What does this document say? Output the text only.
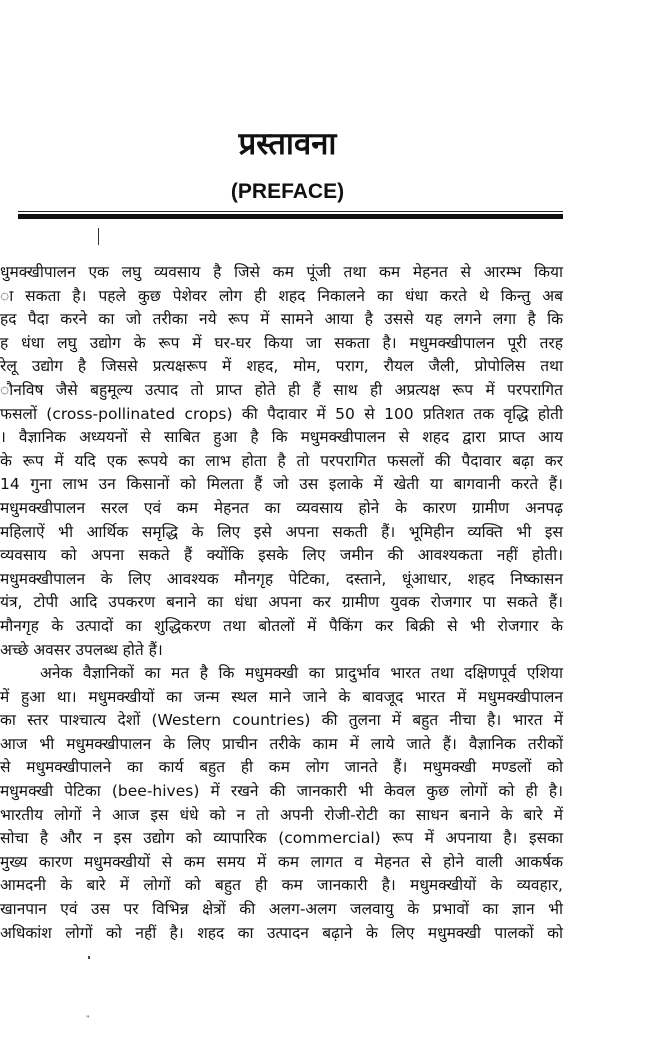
प्रस्तावना
(PREFACE)
धुमक्खीपालन एक लघु व्यवसाय है जिसे कम पूंजी तथा कम मेहनत से आरम्भ किया
ा सकता है। पहले कुछ पेशेवर लोग ही शहद निकालने का धंधा करते थे किन्तु अब
हद पैदा करने का जो तरीका नये रूप में सामने आया है उससे यह लगने लगा है कि
ह धंधा लघु उद्योग के रूप में घर-घर किया जा सकता है। मधुमक्खीपालन पूरी तरह
रेलू उद्योग है जिससे प्रत्यक्षरूप में शहद, मोम, पराग, रौयल जैली, प्रोपोलिस तथा
ौनविष जैसे बहुमूल्य उत्पाद तो प्राप्त होते ही हैं साथ ही अप्रत्यक्ष रूप में परपरागित
फसलों (cross-pollinated crops) की पैदावार में 50 से 100 प्रतिशत तक वृद्धि होती
। वैज्ञानिक अध्ययनों से साबित हुआ है कि मधुमक्खीपालन से शहद द्वारा प्राप्त आय
के रूप में यदि एक रूपये का लाभ होता है तो परपरागित फसलों की पैदावार बढ़ा कर
14 गुना लाभ उन किसानों को मिलता हैं जो उस इलाके में खेती या बागवानी करते हैं।
मधुमक्खीपालन सरल एवं कम मेहनत का व्यवसाय होने के कारण ग्रामीण अनपढ़
महिलाऐं भी आर्थिक समृद्धि के लिए इसे अपना सकती हैं। भूमिहीन व्यक्ति भी इस
व्यवसाय को अपना सकते हैं क्योंकि इसके लिए जमीन की आवश्यकता नहीं होती।
मधुमक्खीपालन के लिए आवश्यक मौनगृह पेटिका, दस्ताने, धूंआधार, शहद निष्कासन
यंत्र, टोपी आदि उपकरण बनाने का धंधा अपना कर ग्रामीण युवक रोजगार पा सकते हैं।
मौनगृह के उत्पादों का शुद्धिकरण तथा बोतलों में पैकिंग कर बिक्री से भी रोजगार के
अच्छे अवसर उपलब्ध होते हैं।
अनेक वैज्ञानिकों का मत है कि मधुमक्खी का प्रादुर्भाव भारत तथा दक्षिणपूर्व एशिया
में हुआ था। मधुमक्खीयों का जन्म स्थल माने जाने के बावजूद भारत में मधुमक्खीपालन
का स्तर पाश्चात्य देशों (Western countries) की तुलना में बहुत नीचा है। भारत में
आज भी मधुमक्खीपालन के लिए प्राचीन तरीके काम में लाये जाते हैं। वैज्ञानिक तरीकों
से मधुमक्खीपालने का कार्य बहुत ही कम लोग जानते हैं। मधुमक्खी मण्डलों को
मधुमक्खी पेटिका (bee-hives) में रखने की जानकारी भी केवल कुछ लोगों को ही है।
भारतीय लोगों ने आज इस धंधे को न तो अपनी रोजी-रोटी का साधन बनाने के बारे में
सोचा है और न इस उद्योग को व्यापारिक (commercial) रूप में अपनाया है। इसका
मुख्य कारण मधुमक्खीयों से कम समय में कम लागत व मेहनत से होने वाली आकर्षक
आमदनी के बारे में लोगों को बहुत ही कम जानकारी है। मधुमक्खीयों के व्यवहार,
खानपान एवं उस पर विभिन्न क्षेत्रों की अलग-अलग जलवायु के प्रभावों का ज्ञान भी
अधिकांश लोगों को नहीं है। शहद का उत्पादन बढ़ाने के लिए मधुमक्खी पालकों को
"
